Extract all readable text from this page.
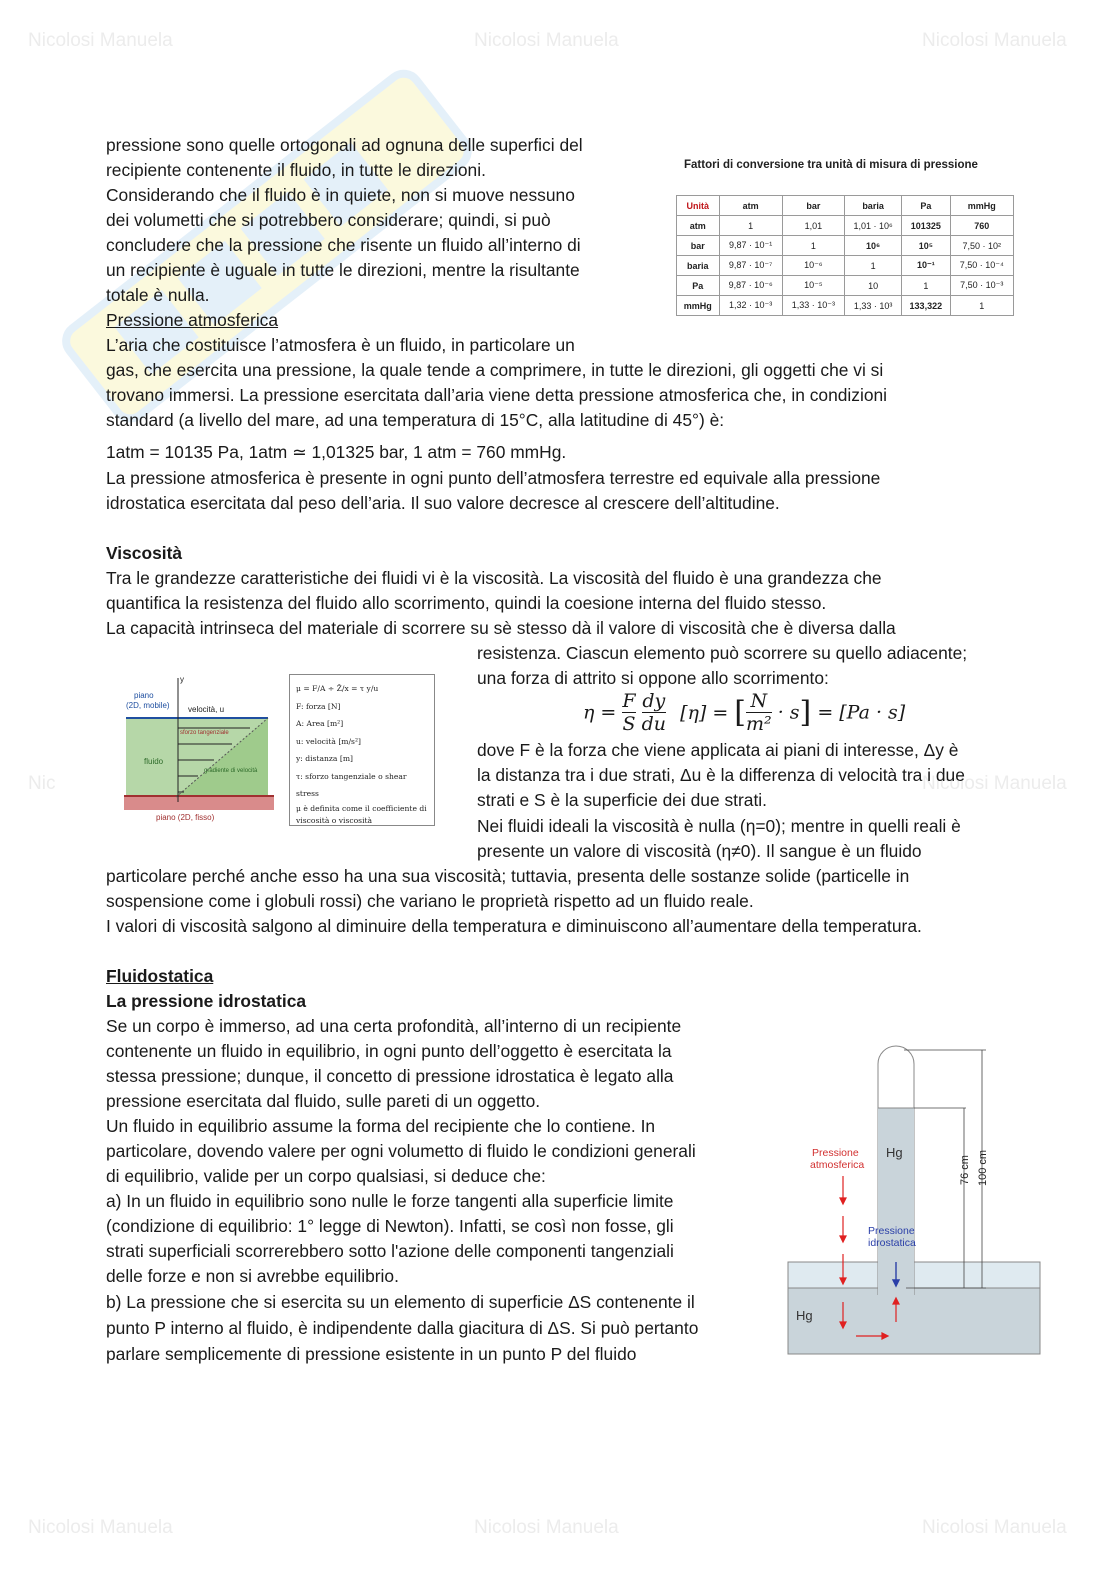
Nicolosi Manuela	Nicolosi Manuela	Nicolosi Manuela
Nic	Nicolosi Manuela
Nicolosi Manuela	Nicolosi Manuela	Nicolosi Manuela
pressione sono quelle ortogonali ad ognuna delle superfici del
recipiente contenente il fluido, in tutte le direzioni.
Considerando che il fluido è in quiete, non si muove nessuno
dei volumetti che si potrebbero considerare; quindi, si può
concludere che la pressione che risente un fluido all’interno di
un recipiente è uguale in tutte le direzioni, mentre la risultante
totale è nulla.
Fattori di conversione tra unità di misura di pressione
Unità	atm	bar	baria	Pa	mmHg
atm	1	1,01	1,01 · 10⁶	101325	760
bar	9,87 · 10⁻¹	1	10⁶	10⁵	7,50 · 10²
baria	9,87 · 10⁻⁷	10⁻⁶	1	10⁻¹	7,50 · 10⁻⁴
Pa	9,87 · 10⁻⁶	10⁻⁵	10	1	7,50 · 10⁻³
mmHg	1,32 · 10⁻³	1,33 · 10⁻³	1,33 · 10³	133,322	1
Pressione atmosferica
L’aria che costituisce l’atmosfera è un fluido, in particolare un
gas, che esercita una pressione, la quale tende a comprimere, in tutte le direzioni, gli oggetti che vi si
trovano immersi. La pressione esercitata dall’aria viene detta pressione atmosferica che, in condizioni
standard (a livello del mare, ad una temperatura di 15°C, alla latitudine di 45°) è:
1atm = 10135 Pa, 1atm ≃ 1,01325 bar, 1 atm = 760 mmHg.
La pressione atmosferica è presente in ogni punto dell’atmosfera terrestre ed equivale alla pressione
idrostatica esercitata dal peso dell’aria. Il suo valore decresce al crescere dell’altitudine.
Viscosità
Tra le grandezze caratteristiche dei fluidi vi è la viscosità. La viscosità del fluido è una grandezza che
quantifica la resistenza del fluido allo scorrimento, quindi la coesione interna del fluido stesso.
La capacità intrinseca del materiale di scorrere su sè stesso dà il valore di viscosità che è diversa dalla
resistenza. Ciascun elemento può scorrere su quello adiacente;
una forza di attrito si oppone allo scorrimento:
$\eta = \frac{F}{S}$
$\frac{dy}{du} [\eta]$ = [ $\frac{N}{\text{m²}} \cdot s] = [Pa \cdot s]$
dove F è la forza che viene applicata ai piani di interesse, Δy è
la distanza tra i due strati, Δu è la differenza di velocità tra i due
strati e S è la superficie dei due strati.
Nei fluidi ideali la viscosità è nulla (η=0); mentre in quelli reali è
presente un valore di viscosità (η≠0). Il sangue è un fluido
particolare perché anche esso ha una sua viscosità; tuttavia, presenta delle sostanze solide (particelle in
sospensione come i globuli rossi) che variano le proprietà rispetto ad un fluido reale.
I valori di viscosità salgono al diminuire della temperatura e diminuiscono all’aumentare della temperatura.
y
piano
(2D, mobile) velocità, u
sforzo tangenziale
fluido
gradiente di velocità
piano (2D, fisso)
μ = F/A ÷ Ẑ/x = τ y/u
F: forza [N]
A: Area [m²]
u: velocità [m/s²]
y: distanza [m]
τ: sforzo tangenziale o shear stress
μ è definita come il coefficiente di
viscosità o viscosità
Fluidostatica
La pressione idrostatica
Se un corpo è immerso, ad una certa profondità, all’interno di un recipiente
contenente un fluido in equilibrio, in ogni punto dell’oggetto è esercitata la
stessa pressione; dunque, il concetto di pressione idrostatica è legato alla
pressione esercitata dal fluido, sulle pareti di un oggetto.
Un fluido in equilibrio assume la forma del recipiente che lo contiene. In
particolare, dovendo valere per ogni volumetto di fluido le condizioni generali
di equilibrio, valide per un corpo qualsiasi, si deduce che:
a) In un fluido in equilibrio sono nulle le forze tangenti alla superficie limite
(condizione di equilibrio: 1° legge di Newton). Infatti, se così non fosse, gli
strati superficiali scorrerebbero sotto l'azione delle componenti tangenziali
delle forze e non si avrebbe equilibrio.
b) La pressione che si esercita su un elemento di superficie ΔS contenente il
punto P interno al fluido, è indipendente dalla giacitura di ΔS. Si può pertanto
parlare semplicemente di pressione esistente in un punto P del fluido
76 cm 100 cm
Hg
Hg
Pressione
atmosferica
Pressione
idrostatica
